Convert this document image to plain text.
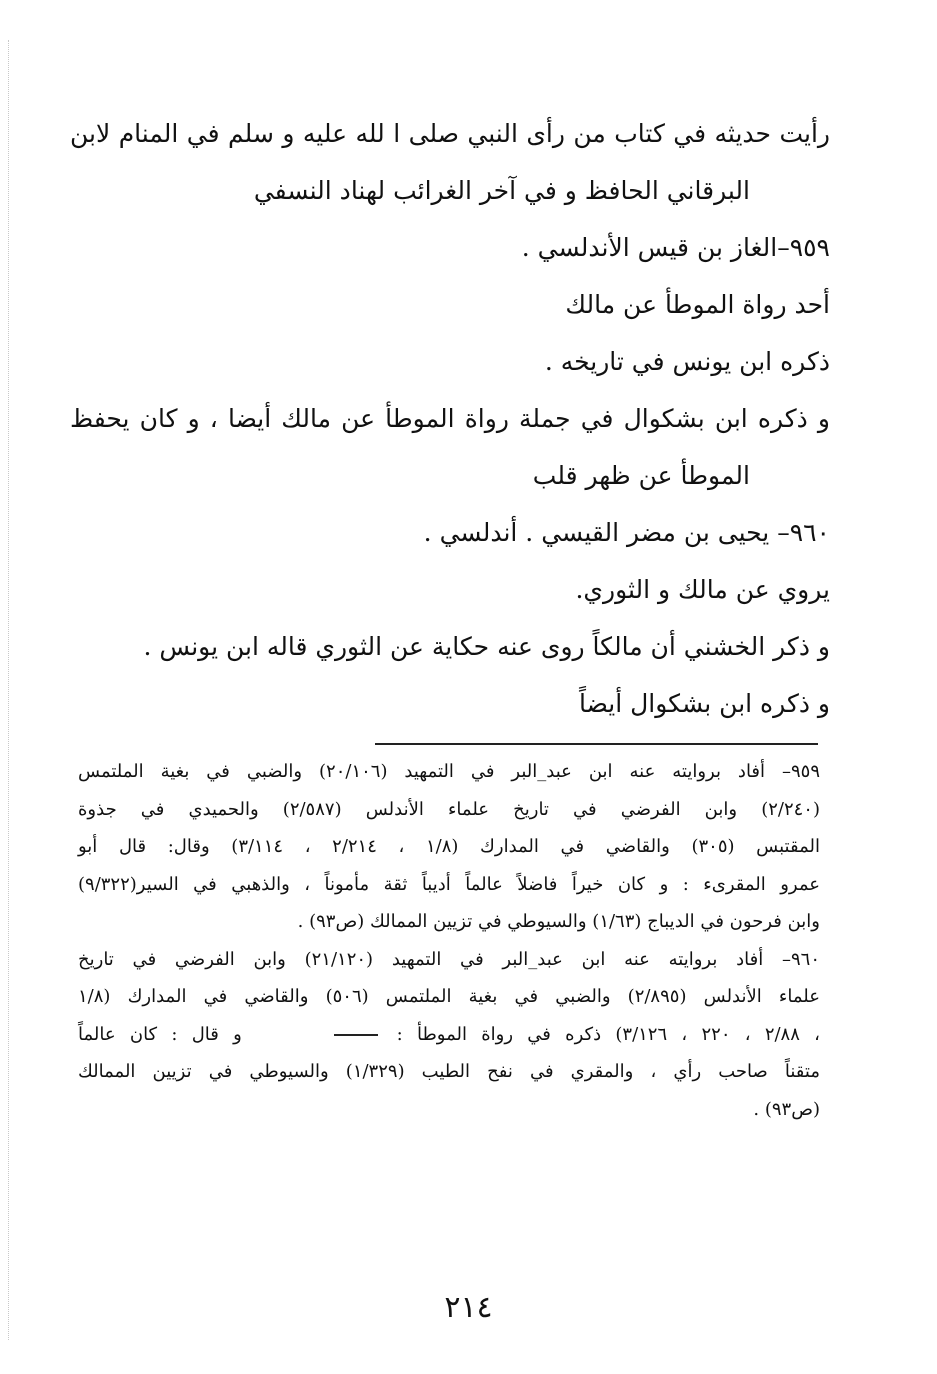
رأيت حديثه في كتاب من رأى النبي صلى ا لله عليه و سلم في المنام لابن
البرقاني الحافظ و في آخر الغرائب لهناد النسفي
٩٥٩–الغاز بن قيس الأندلسي .
أحد رواة الموطأ عن مالك
ذكره ابن يونس في تاريخه .
و ذكره ابن بشكوال في جملة رواة الموطأ عن مالك أيضا ، و كان يحفظ
الموطأ عن ظهر قلب
٩٦٠– يحيى بن مضر القيسي . أندلسي .
يروي عن مالك و الثوري.
و ذكر الخشني أن مالكاً روى عنه حكاية عن الثوري قاله ابن يونس .
و ذكره ابن بشكوال أيضاً
٩٥٩– أفاد بروايته عنه ابن عبد_البر في التمهيد (٢٠/١٠٦) والضبي في بغية الملتمس
(٢/٢٤٠) وابن الفرضي في تاريخ علماء الأندلس (٢/٥٨٧) والحميدي في جذوة
المقتبس (٣٠٥) والقاضي في المدارك (١/٨ ، ٢/٢١٤ ، ٣/١١٤) وقال: قال أبو
عمرو المقرىء : و كان خيراً فاضلاً عالماً أديباً ثقة مأموناً ، والذهبي في السير(٩/٣٢٢)
وابن فرحون في الديباج (١/٦٣) والسيوطي في تزيين الممالك (ص٩٣) .
٩٦٠– أفاد بروايته عنه ابن عبد_البر في التمهيد (٢١/١٢٠) وابن الفرضي في تاريخ
علماء الأندلس (٢/٨٩٥) والضبي في بغية الملتمس (٥٠٦) والقاضي في المدارك (١/٨
، ٢/٨٨ ، ٢٢٠ ، ٣/١٢٦) ذكره في رواة الموطأ :   و قال : كان عالماً
متقناً صاحب رأي ، والمقري في نفح الطيب (١/٣٢٩) والسيوطي في تزيين الممالك
(ص٩٣) .
٢١٤
